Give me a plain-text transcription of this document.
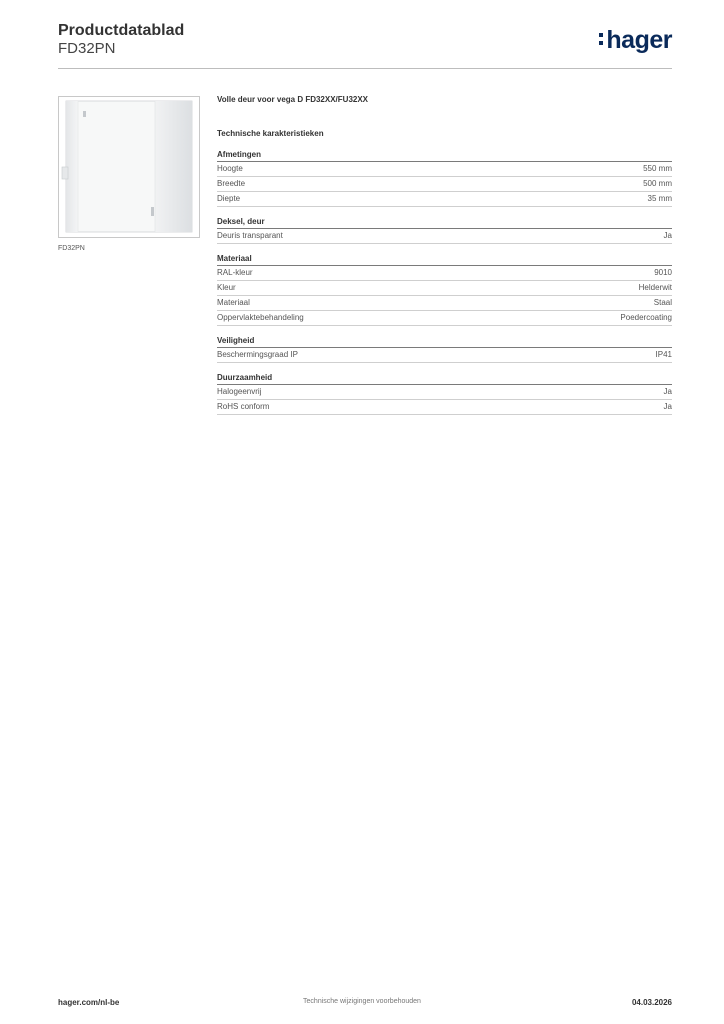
Productdatablad
FD32PN	hager
FD32PN
Volle deur voor vega D FD32XX/FU32XX
Technische karakteristieken
Afmetingen
Hoogte	550 mm
Breedte	500 mm
Diepte	35 mm
Deksel, deur
Deuris transparant	Ja
Materiaal
RAL-kleur	9010
Kleur	Helderwit
Materiaal	Staal
Oppervlaktebehandeling	Poedercoating
Veiligheid
Beschermingsgraad IP	IP41
Duurzaamheid
Halogeenvrij	Ja
RoHS conform	Ja
hager.com/nl-be	Technische wijzigingen voorbehouden	04.03.2026
